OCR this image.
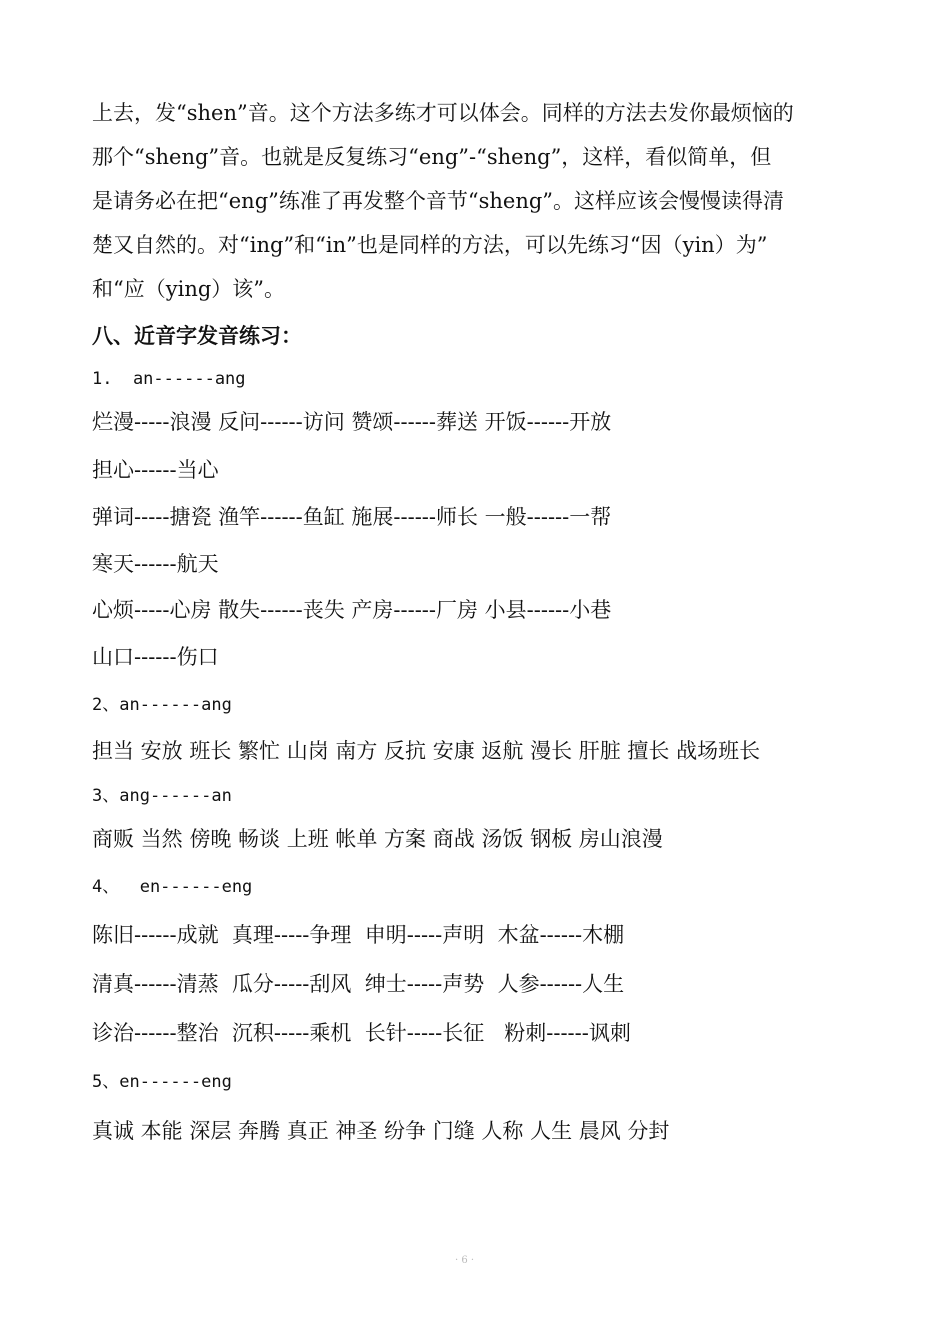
上去，发“shen”音。这个方法多练才可以体会。同样的方法去发你最烦恼的
那个“sheng”音。也就是反复练习“eng”-“sheng”，这样，看似简单，但
是请务必在把“eng”练准了再发整个音节“sheng”。这样应该会慢慢读得清
楚又自然的。对“ing”和“in”也是同样的方法，可以先练习“因（yin）为”
和“应（ying）该”。
八、近音字发音练习：
1.  an------ang
烂漫-----浪漫 反问------访问 赞颂------葬送 开饭------开放
担心------当心
弹词-----搪瓷 渔竿------鱼缸 施展------师长 一般------一帮
寒天------航天
心烦-----心房 散失------丧失 产房------厂房 小县------小巷
山口------伤口
2、an------ang
担当 安放 班长 繁忙 山岗 南方 反抗 安康 返航 漫长 肝脏 擅长 战场班长
3、ang------an
商贩 当然 傍晚 畅谈 上班 帐单 方案 商战 汤饭 钢板 房山浪漫
4、  en------eng
陈旧------成就  真理-----争理  申明-----声明  木盆------木棚
清真------清蒸  瓜分-----刮风  绅士-----声势  人参------人生
诊治------整治  沉积-----乘机  长针-----长征   粉刺------讽刺
5、en------eng
真诚 本能 深层 奔腾 真正 神圣 纷争 门缝 人称 人生 晨风 分封
· 6 ·
